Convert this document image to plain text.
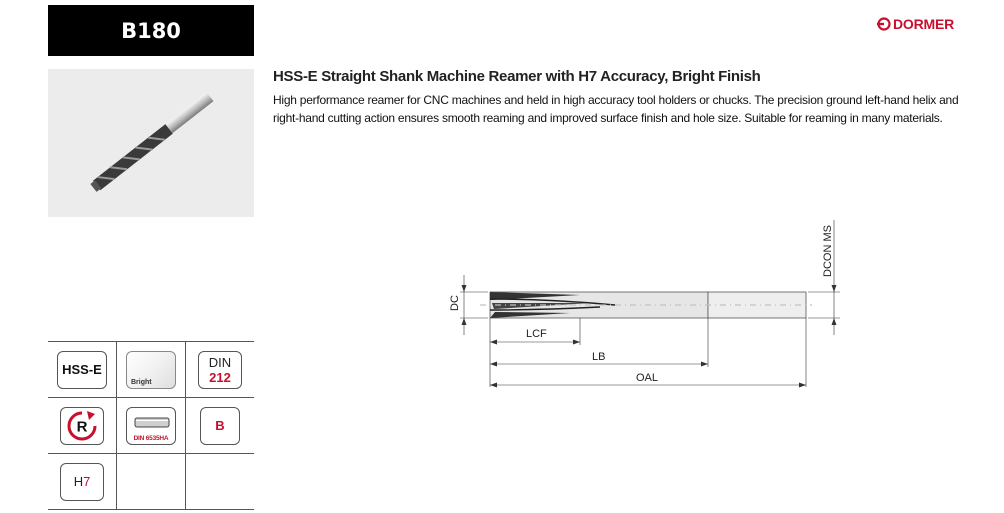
B180	DORMER
HSS-E Straight Shank Machine Reamer with H7 Accuracy, Bright Finish
High performance reamer for CNC machines and held in high accuracy tool holders or chucks. The precision ground left-hand helix and right-hand cutting action ensures smooth reaming and improved surface finish and hole size. Suitable for reaming in many materials.
DC
DCON MS
LCF
LB
OAL
HSS-E
Bright
DIN
212
R
DIN 6535HA
B
H 7
